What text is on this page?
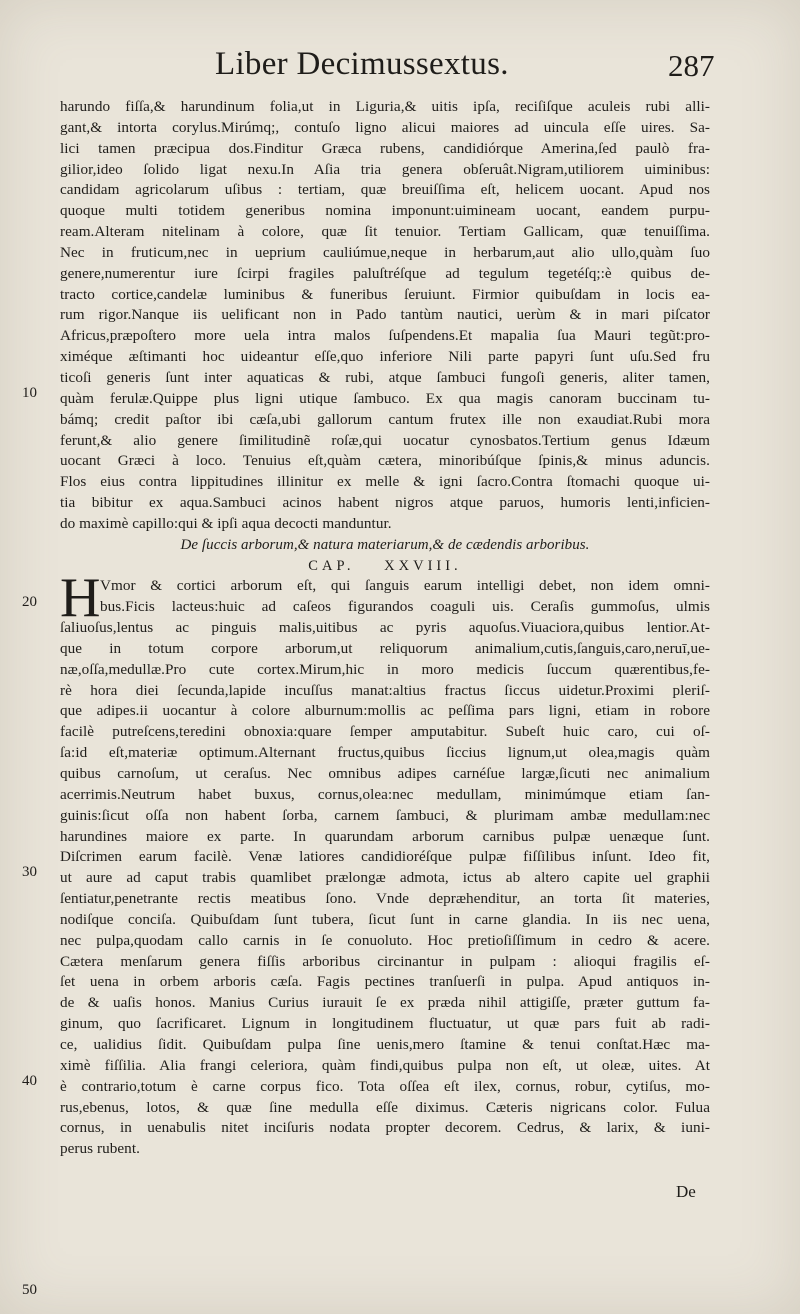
Liber Decimussextus.	287
harundo fiſſa,& harundinum folia,ut in Liguria,& uitis ipſa, reciſiſque aculeis rubi alli-
gant,& intorta corylus.Mirúmq;, contuſo ligno alicui maiores ad uincula eſſe uires. Sa-
lici tamen præcipua dos.Finditur Græca rubens, candidiórque Amerina,ſed paulò fra-
gilior,ideo ſolido ligat nexu.In Aſia tria genera obſeruât.Nigram,utiliorem uiminibus:
candidam agricolarum uſibus : tertiam, quæ breuiſſima eſt, helicem uocant. Apud nos
quoque multi totidem generibus nomina imponunt:uimineam uocant, eandem purpu-
ream.Alteram nitelinam à colore, quæ ſit tenuior. Tertiam Gallicam, quæ tenuiſſima.
Nec in fruticum,nec in ueprium cauliúmue,neque in herbarum,aut alio ullo,quàm ſuo
genere,numerentur iure ſcirpi fragiles paluſtréſque ad tegulum tegetéſq;:è quibus de-
tracto cortice,candelæ luminibus & funeribus ſeruiunt. Firmior quibuſdam in locis ea-
rum rigor.Nanque iis uelificant non in Pado tantùm nautici, uerùm & in mari piſcator
Africus,præpoſtero more uela intra malos ſuſpendens.Et mapalia ſua Mauri tegũt:pro-
ximéque æſtimanti hoc uideantur eſſe,quo inferiore Nili parte papyri ſunt uſu.Sed fru
ticoſi generis ſunt inter aquaticas & rubi, atque ſambuci fungoſi generis, aliter tamen,
quàm ferulæ.Quippe plus ligni utique ſambuco. Ex qua magis canoram buccinam tu-
bámq; credit paſtor ibi cæſa,ubi gallorum cantum frutex ille non exaudiat.Rubi mora
ferunt,& alio genere ſimilitudinẽ roſæ,qui uocatur cynosbatos.Tertium genus Idæum
uocant Græci à loco. Tenuius eſt,quàm cætera, minoribúſque ſpinis,& minus aduncis.
Flos eius contra lippitudines illinitur ex melle & igni ſacro.Contra ſtomachi quoque ui-
tia bibitur ex aqua.Sambuci acinos habent nigros atque paruos, humoris lenti,inficien-
do maximè capillo:qui & ipſi aqua decocti manduntur.
De ſuccis arborum,& natura materiarum,& de cædendis arboribus.
CAP. XXVIII.
H Vmor & cortici arborum eſt, qui ſanguis earum intelligi debet, non idem omni-
bus.Ficis lacteus:huic ad caſeos figurandos coaguli uis. Ceraſis gummoſus, ulmis
ſaliuoſus,lentus ac pinguis malis,uitibus ac pyris aquoſus.Viuaciora,quibus lentior.At-
que in totum corpore arborum,ut reliquorum animalium,cutis,ſanguis,caro,neruī,ue-
næ,oſſa,medullæ.Pro cute cortex.Mirum,hic in moro medicis ſuccum quærentibus,fe-
rè hora diei ſecunda,lapide incuſſus manat:altius fractus ſiccus uidetur.Proximi pleriſ-
que adipes.ii uocantur à colore alburnum:mollis ac peſſima pars ligni, etiam in robore
facilè putreſcens,teredini obnoxia:quare ſemper amputabitur. Subeſt huic caro, cui oſ-
ſa:id eſt,materiæ optimum.Alternant fructus,quibus ſiccius lignum,ut olea,magis quàm
quibus carnoſum, ut ceraſus. Nec omnibus adipes carnéſue largæ,ſicuti nec animalium
acerrimis.Neutrum habet buxus, cornus,olea:nec medullam, minimúmque etiam ſan-
guinis:ſicut oſſa non habent ſorba, carnem ſambuci, & plurimam ambæ medullam:nec
harundines maiore ex parte. In quarundam arborum carnibus pulpæ uenæque ſunt.
Diſcrimen earum facilè. Venæ latiores candidioréſque pulpæ fiſſilibus inſunt. Ideo fit,
ut aure ad caput trabis quamlibet prælongæ admota, ictus ab altero capite uel graphii
ſentiatur,penetrante rectis meatibus ſono. Vnde depræhenditur, an torta ſit materies,
nodiſque conciſa. Quibuſdam ſunt tubera, ſicut ſunt in carne glandia. In iis nec uena,
nec pulpa,quodam callo carnis in ſe conuoluto. Hoc pretioſiſſimum in cedro & acere.
Cætera menſarum genera fiſſis arboribus circinantur in pulpam : alioqui fragilis eſ-
ſet uena in orbem arboris cæſa. Fagis pectines tranſuerſi in pulpa. Apud antiquos in-
de & uaſis honos. Manius Curius iurauit ſe ex præda nihil attigiſſe, præter guttum fa-
ginum, quo ſacrificaret. Lignum in longitudinem fluctuatur, ut quæ pars fuit ab radi-
ce, ualidius ſidit. Quibuſdam pulpa ſine uenis,mero ſtamine & tenui conſtat.Hæc ma-
ximè fiſſilia. Alia frangi celeriora, quàm findi,quibus pulpa non eſt, ut oleæ, uites. At
è contrario,totum è carne corpus fico. Tota oſſea eſt ilex, cornus, robur, cytiſus, mo-
rus,ebenus, lotos, & quæ ſine medulla eſſe diximus. Cæteris nigricans color. Fulua
cornus, in uenabulis nitet inciſuris nodata propter decorem. Cedrus, & larix, & iuni-
perus rubent.
10
20
30
40
50
De
